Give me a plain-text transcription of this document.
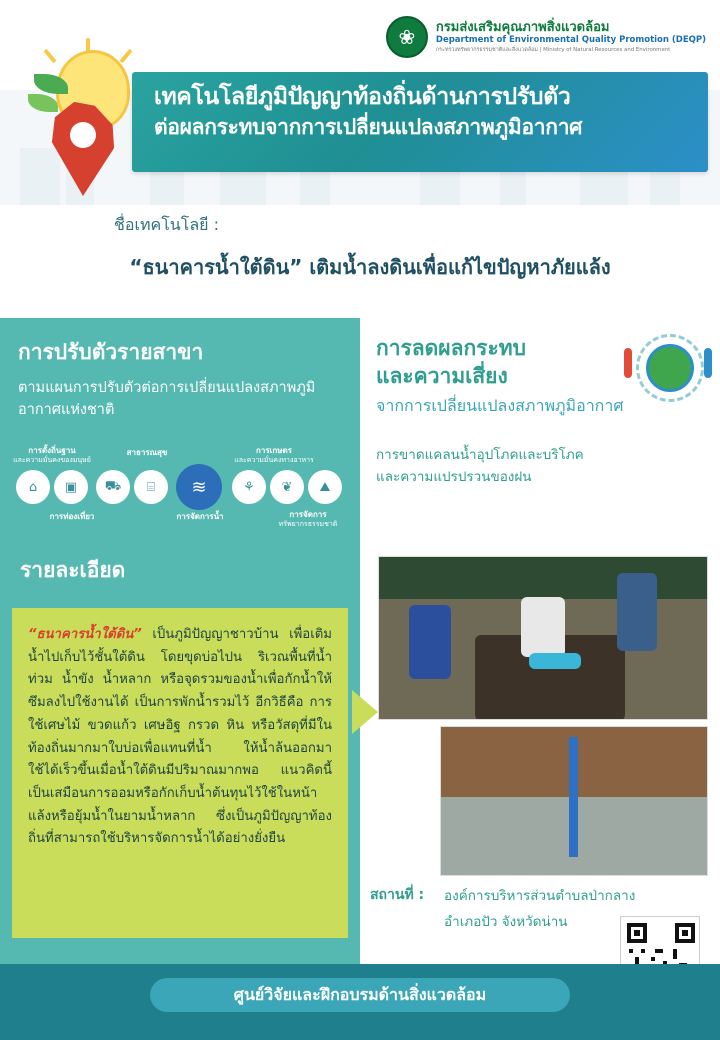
❀	กรมส่งเสริมคุณภาพสิ่งแวดล้อม
Department of Environmental Quality Promotion (DEQP)
กระทรวงทรัพยากรธรรมชาติและสิ่งแวดล้อม | Ministry of Natural Resources and Environment
เทคโนโลยีภูมิปัญญาท้องถิ่นด้านการปรับตัว
ต่อผลกระทบจากการเปลี่ยนแปลงสภาพภูมิอากาศ
ชื่อเทคโนโลยี :
“ธนาคารน้ำใต้ดิน” เติมน้ำลงดินเพื่อแก้ไขปัญหาภัยแล้ง
การปรับตัวรายสาขา

ตามแผนการปรับตัวต่อการเปลี่ยนแปลงสภาพภูมิอากาศแห่งชาติ

การตั้งถิ่นฐาน
และความมั่นคงของมนุษย์
สาธารณสุข	การเกษตร
และความมั่นคงทางอาหาร
⌂	▣	⛟	⌸	≋	⚘	❦	⛰
การท่องเที่ยว	การจัดการน้ำ	การจัดการ
ทรัพยากรธรรมชาติ
การลดผลกระทบ
และความเสี่ยง
จากการเปลี่ยนแปลงสภาพภูมิอากาศ
การขาดแคลนน้ำอุปโภคและบริโภค
และความแปรปรวนของฝน
รายละเอียด
“ธนาคารน้ำใต้ดิน” เป็นภูมิปัญญาชาวบ้าน เพื่อเติมน้ำไปเก็บไว้ชั้นใต้ดิน โดยขุดบ่อไปน ริเวณพื้นที่น้ำท่วม น้ำขัง น้ำหลาก หรือจุดรวมของน้ำเพื่อกักน้ำให้ซึมลงไปใช้งานได้ เป็นการพักน้ำรวมไว้ อีกวิธีคือ การใช้เศษไม้ ขวดแก้ว เศษอิฐ กรวด หิน หรือวัสดุที่มีในท้องถิ่นมากมาใบบ่อเพื่อแทนที่น้ำ ให้น้ำล้นออกมาใช้ได้เร็วขึ้นเมื่อน้ำใต้ดินมีปริมาณมากพอ แนวคิดนี้เป็นเสมือนการออมหรือกักเก็บน้ำต้นทุนไว้ใช้ในหน้าแล้งหรือยุ้มน้ำในยามน้ำหลาก ซึ่งเป็นภูมิปัญญาท้องถิ่นที่สามารถใช้บริหารจัดการน้ำได้อย่างยั่งยืน
สถานที่ : องค์การบริหารส่วนตำบลป่ากลาง
อำเภอปัว จังหวัดน่าน
ศูนย์วิจัยและฝึกอบรมด้านสิ่งแวดล้อม
